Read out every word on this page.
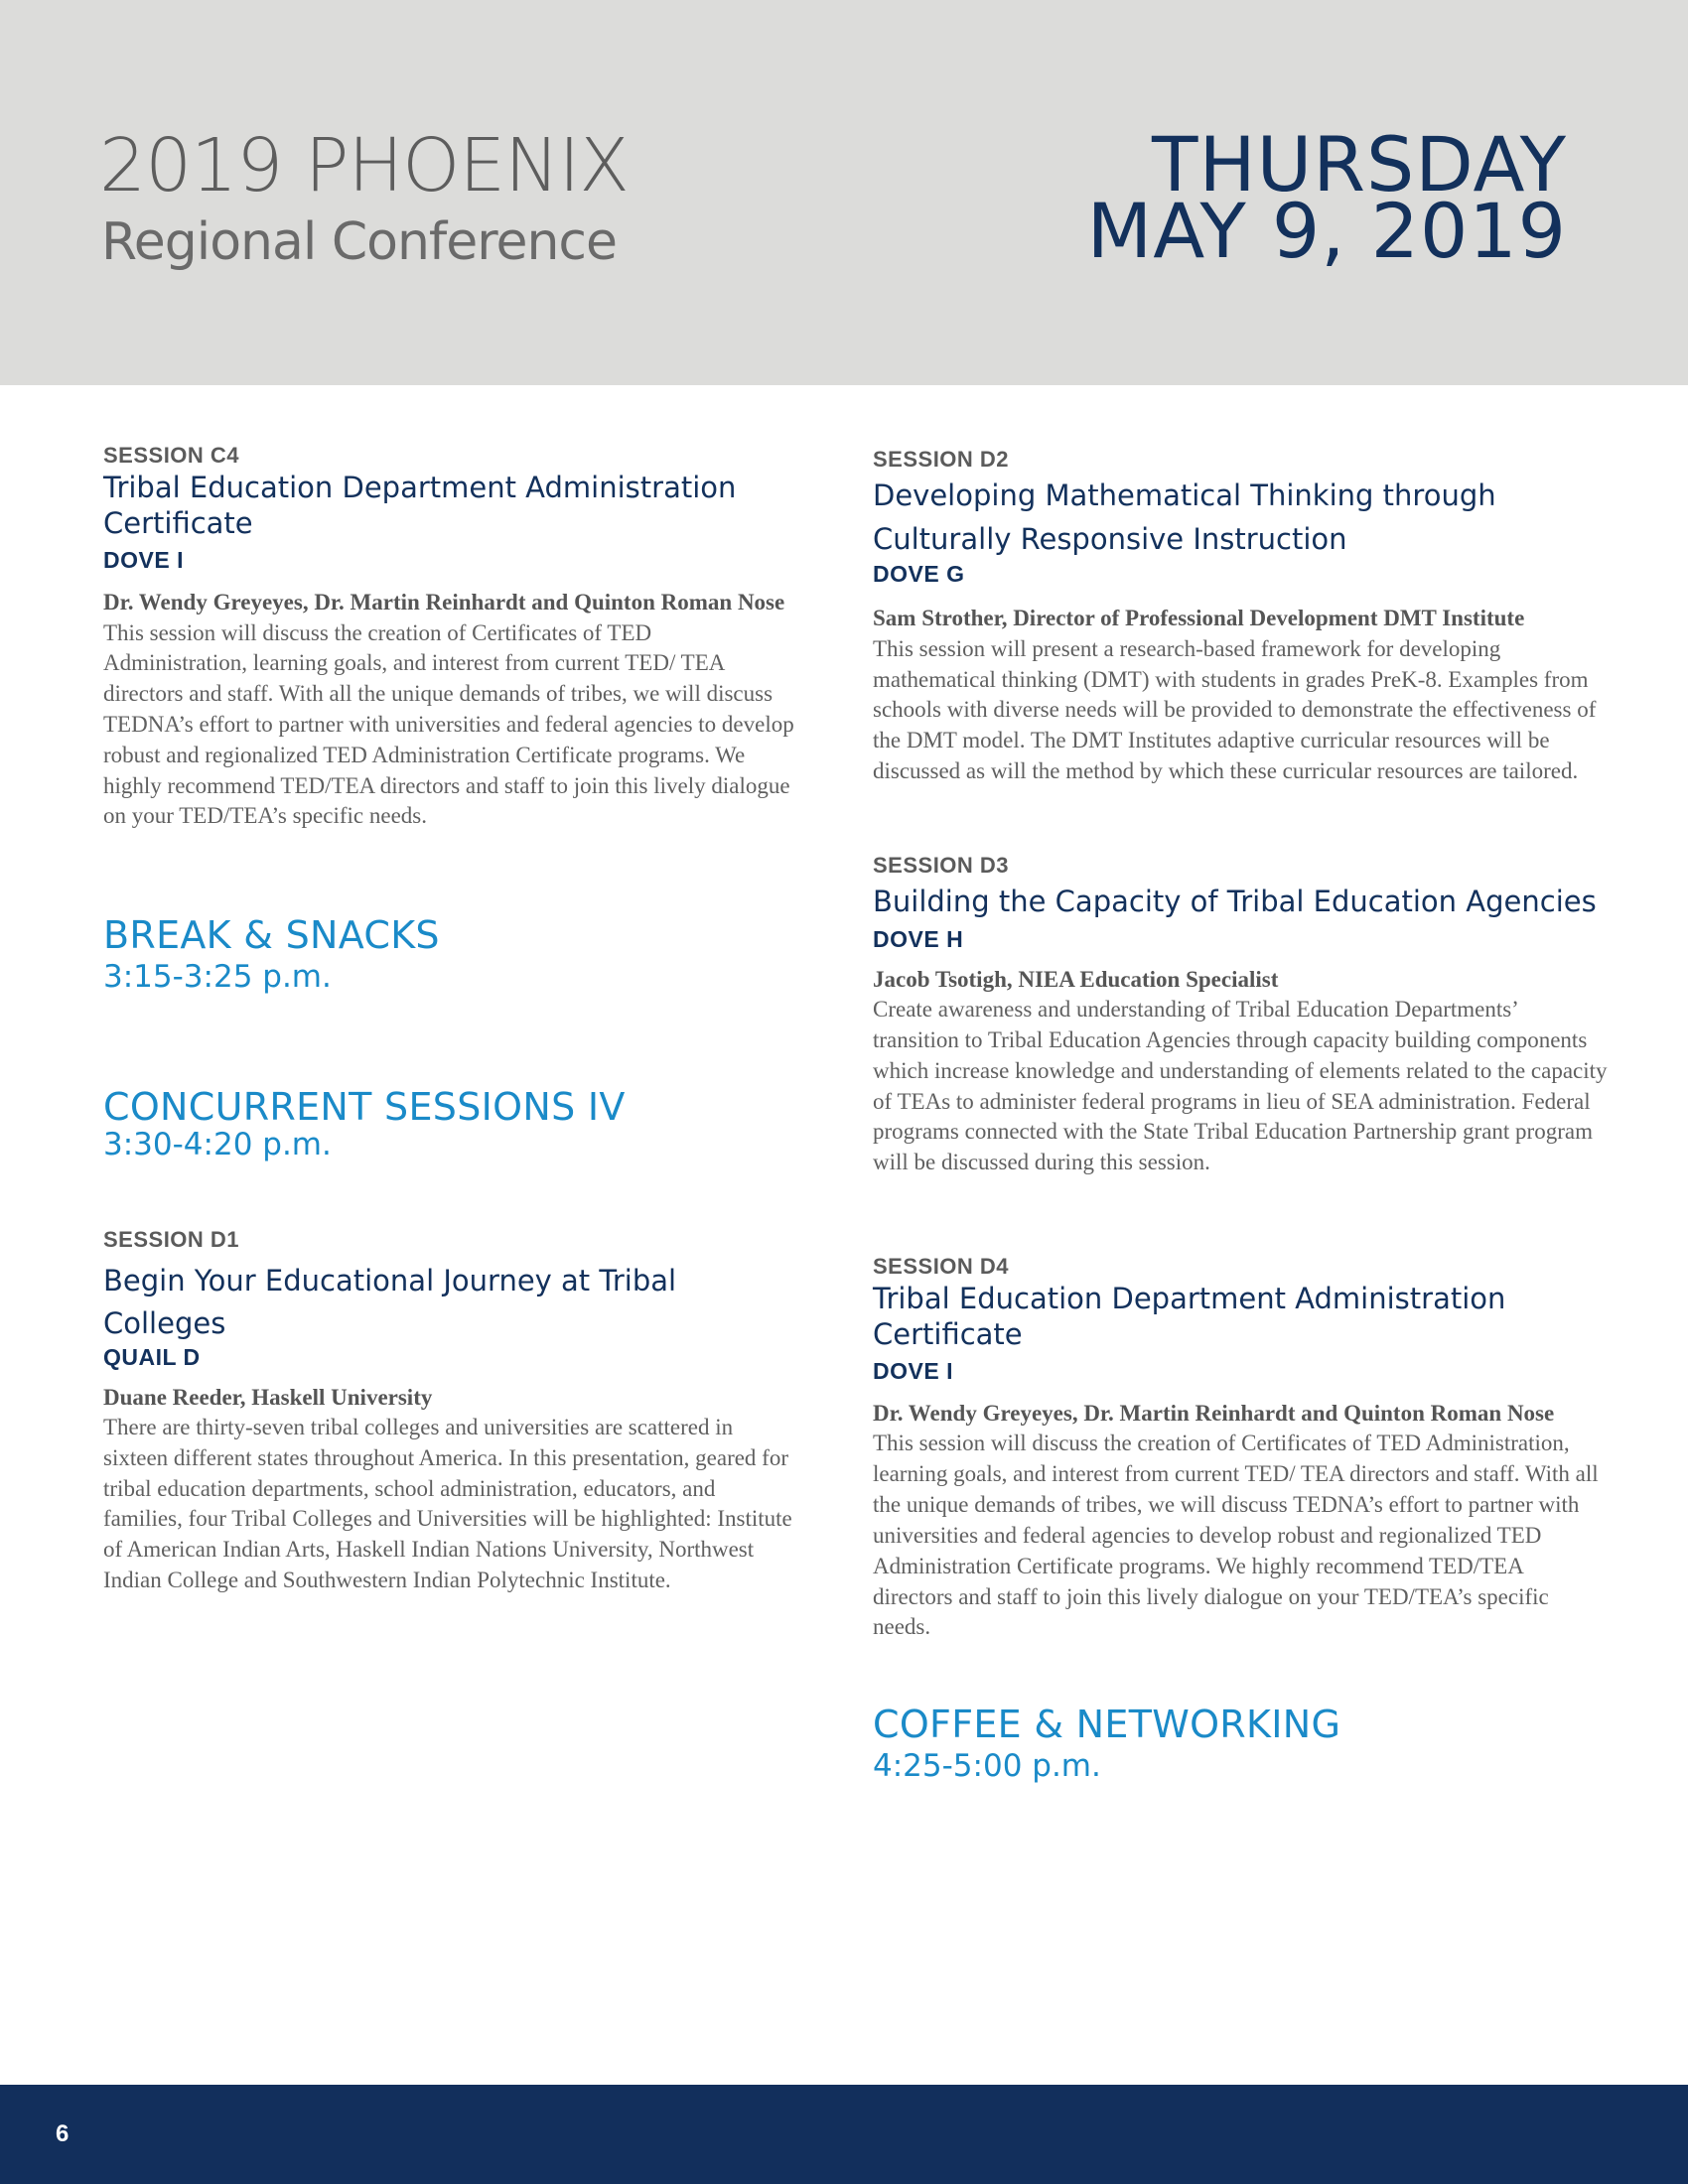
2019 PHOENIX
Regional Conference
THURSDAY
MAY 9, 2019
SESSION C4
Tribal Education Department Administration Certificate
DOVE I
Dr. Wendy Greyeyes, Dr. Martin Reinhardt and Quinton Roman Nose
This session will discuss the creation of Certificates of TED Administration, learning goals, and interest from current TED/ TEA directors and staff. With all the unique demands of tribes, we will discuss TEDNA’s effort to partner with universities and federal agencies to develop robust and regionalized TED Administration Certificate programs. We highly recommend TED/TEA directors and staff to join this lively dialogue on your TED/TEA’s specific needs.
BREAK & SNACKS
3:15-3:25 p.m.
CONCURRENT SESSIONS IV
3:30-4:20 p.m.
SESSION D1
Begin Your Educational Journey at Tribal Colleges
QUAIL D
Duane Reeder, Haskell University
There are thirty-seven tribal colleges and universities are scattered in sixteen different states throughout America. In this presentation, geared for tribal education departments, school administration, educators, and families, four Tribal Colleges and Universities will be highlighted: Institute of American Indian Arts, Haskell Indian Nations University, Northwest Indian College and Southwestern Indian Polytechnic Institute.
SESSION D2
Developing Mathematical Thinking through Culturally Responsive Instruction
DOVE G
Sam Strother, Director of Professional Development DMT Institute
This session will present a research-based framework for developing mathematical thinking (DMT) with students in grades PreK-8. Examples from schools with diverse needs will be provided to demonstrate the effectiveness of the DMT model. The DMT Institutes adaptive curricular resources will be discussed as will the method by which these curricular resources are tailored.
SESSION D3
Building the Capacity of Tribal Education Agencies
DOVE H
Jacob Tsotigh, NIEA Education Specialist
Create awareness and understanding of Tribal Education Departments’ transition to Tribal Education Agencies through capacity building components which increase knowledge and understanding of elements related to the capacity of TEAs to administer federal programs in lieu of SEA administration. Federal programs connected with the State Tribal Education Partnership grant program will be discussed during this session.
SESSION D4
Tribal Education Department Administration Certificate
DOVE I
Dr. Wendy Greyeyes, Dr. Martin Reinhardt and Quinton Roman Nose
This session will discuss the creation of Certificates of TED Administration, learning goals, and interest from current TED/ TEA directors and staff. With all the unique demands of tribes, we will discuss TEDNA’s effort to partner with universities and federal agencies to develop robust and regionalized TED Administration Certificate programs. We highly recommend TED/TEA directors and staff to join this lively dialogue on your TED/TEA’s specific needs.
COFFEE & NETWORKING
4:25-5:00 p.m.
6
